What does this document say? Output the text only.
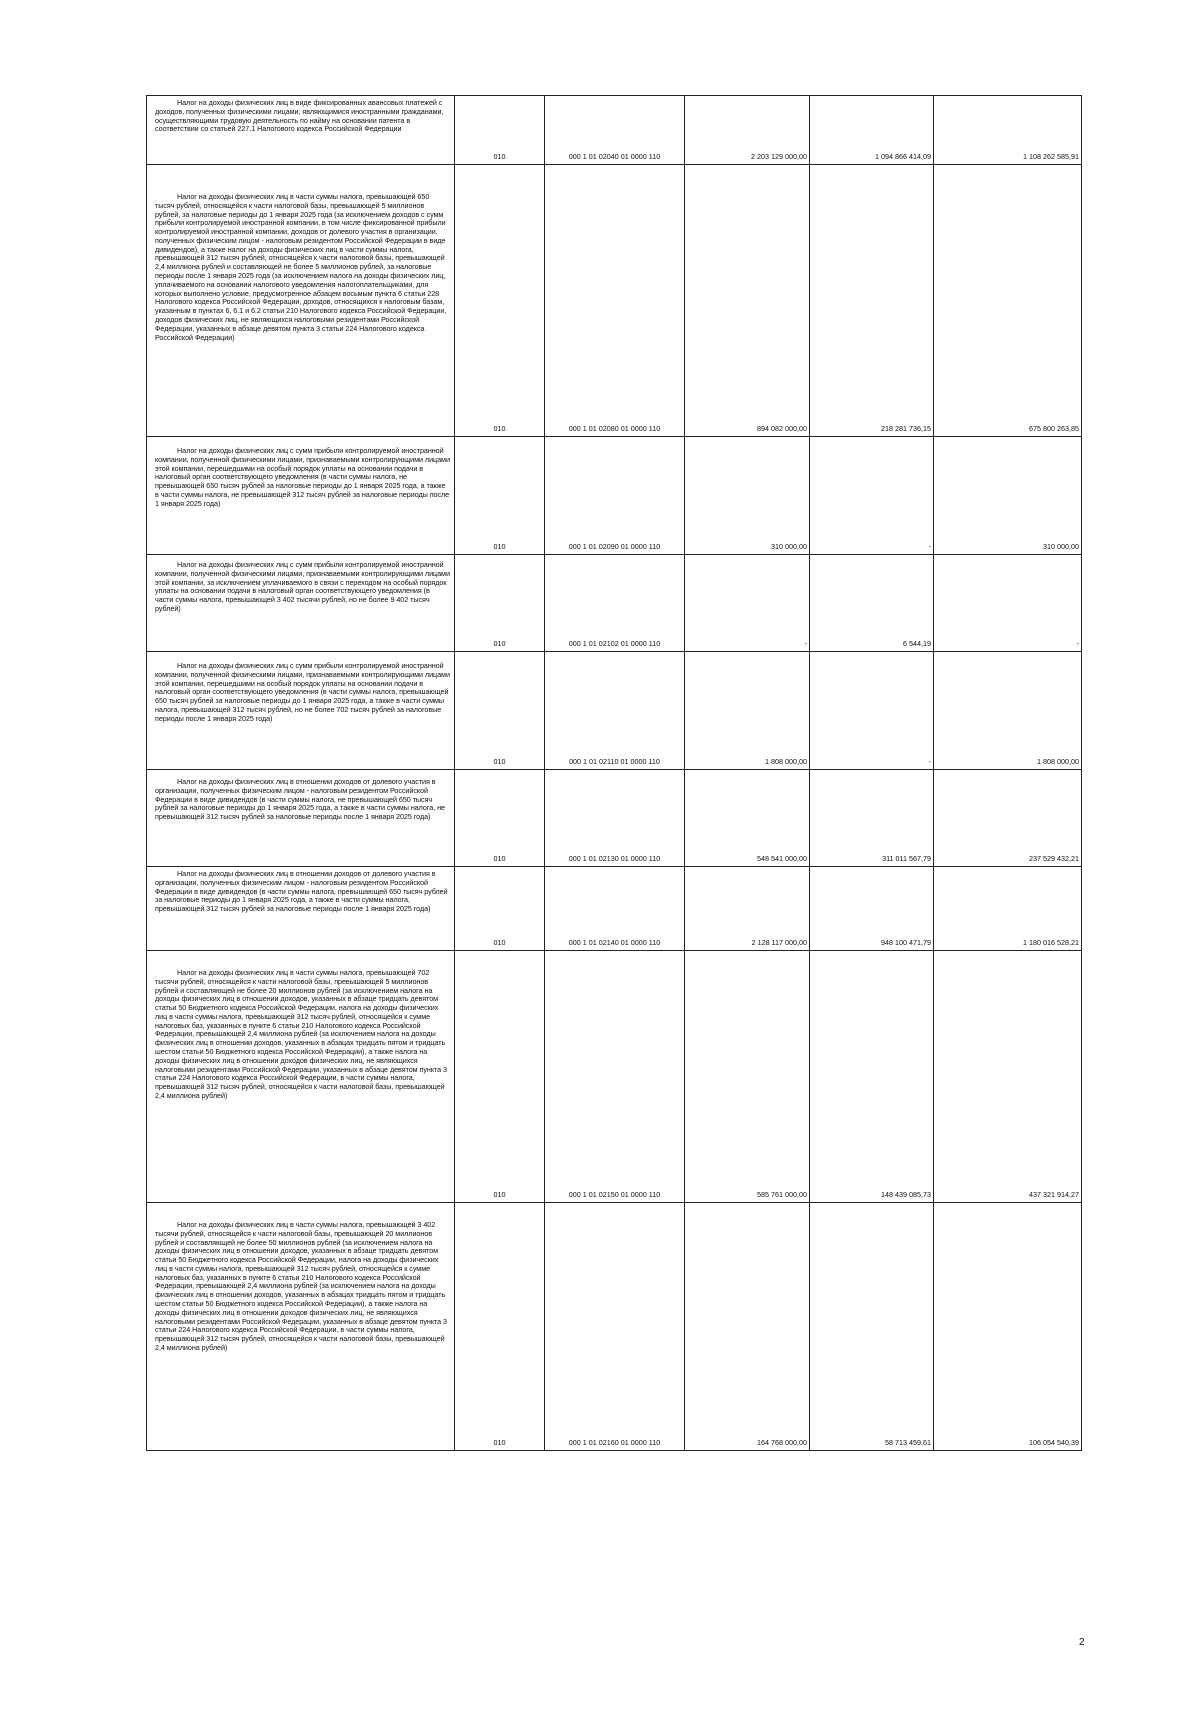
Налог на доходы физических лиц в виде фиксированных авансовых платежей с доходов, полученных физическими лицами, являющимися иностранными гражданами, осуществляющими трудовую деятельность по найму на основании патента в соответствии со статьей 227.1 Налогового кодекса Российской Федерации	010	000 1 01 02040 01 0000 110	2 203 129 000,00	1 094 866 414,09	1 108 262 585,91

Налог на доходы физических лиц в части суммы налога, превышающей 650 тысяч рублей, относящейся к части налоговой базы, превышающей 5 миллионов рублей, за налоговые периоды до 1 января 2025 года (за исключением доходов с сумм прибыли контролируемой иностранной компании, в том числе фиксированной прибыли контролируемой иностранной компании, доходов от долевого участия в организации, полученных физическим лицом - налоговым резидентом Российской Федерации в виде дивидендов), а также налог на доходы физических лиц в части суммы налога, превышающей 312 тысяч рублей, относящейся к части налоговой базы, превышающей 2,4 миллиона рублей и составляющей не более 5 миллионов рублей, за налоговые периоды после 1 января 2025 года (за исключением налога на доходы физических лиц, уплачиваемого на основании налогового уведомления налогоплательщиками, для которых выполнено условие, предусмотренное абзацем восьмым пункта 6 статьи 228 Налогового кодекса Российской Федерации, доходов, относящихся к налоговым базам, указанным в пунктах 6, 6.1 и 6.2 статьи 210 Налогового кодекса Российской Федерации, доходов физических лиц, не являющихся налоговыми резидентами Российской Федерации, указанных в абзаце девятом пункта 3 статьи 224 Налогового кодекса Российской Федерации)	010	000 1 01 02080 01 0000 110	894 082 000,00	218 281 736,15	675 800 263,85

Налог на доходы физических лиц с сумм прибыли контролируемой иностранной компании, полученной физическими лицами, признаваемыми контролирующими лицами этой компании, перешедшими на особый порядок уплаты на основании подачи в налоговый орган соответствующего уведомления (в части суммы налога, не превышающей 650 тысяч рублей за налоговые периоды до 1 января 2025 года, а также в части суммы налога, не превышающей 312 тысяч рублей за налоговые периоды после 1 января 2025 года)	010	000 1 01 02090 01 0000 110	310 000,00	-	310 000,00

Налог на доходы физических лиц с сумм прибыли контролируемой иностранной компании, полученной физическими лицами, признаваемыми контролирующими лицами этой компании, за исключением уплачиваемого в связи с переходом на особый порядок уплаты на основании подачи в налоговый орган соответствующего уведомления (в части суммы налога, превышающей 3 402 тысячи рублей, но не более 9 402 тысяч рублей)	010	000 1 01 02102 01 0000 110	-	6 544,19	-

Налог на доходы физических лиц с сумм прибыли контролируемой иностранной компании, полученной физическими лицами, признаваемыми контролирующими лицами этой компании, перешедшими на особый порядок уплаты на основании подачи в налоговый орган соответствующего уведомления (в части суммы налога, превышающей 650 тысяч рублей за налоговые периоды до 1 января 2025 года, а также в части суммы налога, превышающей 312 тысяч рублей, но не более 702 тысяч рублей за налоговые периоды после 1 января 2025 года)	010	000 1 01 02110 01 0000 110	1 808 000,00	-	1 808 000,00

Налог на доходы физических лиц в отношении доходов от долевого участия в организации, полученных физическим лицом - налоговым резидентом Российской Федерации в виде дивидендов (в части суммы налога, не превышающей 650 тысяч рублей за налоговые периоды до 1 января 2025 года, а также в части суммы налога, не превышающей 312 тысяч рублей за налоговые периоды после 1 января 2025 года)	010	000 1 01 02130 01 0000 110	548 541 000,00	311 011 567,79	237 529 432,21

Налог на доходы физических лиц в отношении доходов от долевого участия в организации, полученных физическим лицом - налоговым резидентом Российской Федерации в виде дивидендов (в части суммы налога, превышающей 650 тысяч рублей за налоговые периоды до 1 января 2025 года, а также в части суммы налога, превышающей 312 тысяч рублей за налоговые периоды после 1 января 2025 года)	010	000 1 01 02140 01 0000 110	2 128 117 000,00	948 100 471,79	1 180 016 528,21

Налог на доходы физических лиц в части суммы налога, превышающей 702 тысячи рублей, относящейся к части налоговой базы, превышающей 5 миллионов рублей и составляющей не более 20 миллионов рублей (за исключением налога на доходы физических лиц в отношении доходов, указанных в абзаце тридцать девятом статьи 50 Бюджетного кодекса Российской Федерации, налога на доходы физических лиц в части суммы налога, превышающей 312 тысяч рублей, относящейся к сумме налоговых баз, указанных в пункте 6 статьи 210 Налогового кодекса Российской Федерации, превышающей 2,4 миллиона рублей (за исключением налога на доходы физических лиц в отношении доходов, указанных в абзацах тридцать пятом и тридцать шестом статьи 50 Бюджетного кодекса Российской Федерации), а также налога на доходы физических лиц в отношении доходов физических лиц, не являющихся налоговыми резидентами Российской Федерации, указанных в абзаце девятом пункта 3 статьи 224 Налогового кодекса Российской Федерации, в части суммы налога, превышающей 312 тысяч рублей, относящейся к части налоговой базы, превышающей 2,4 миллиона рублей)	010	000 1 01 02150 01 0000 110	585 761 000,00	148 439 085,73	437 321 914,27

Налог на доходы физических лиц в части суммы налога, превышающей 3 402 тысячи рублей, относящейся к части налоговой базы, превышающей 20 миллионов рублей и составляющей не более 50 миллионов рублей (за исключением налога на доходы физических лиц в отношении доходов, указанных в абзаце тридцать девятом статьи 50 Бюджетного кодекса Российской Федерации, налога на доходы физических лиц в части суммы налога, превышающей 312 тысяч рублей, относящейся к сумме налоговых баз, указанных в пункте 6 статьи 210 Налогового кодекса Российской Федерации, превышающей 2,4 миллиона рублей (за исключением налога на доходы физических лиц в отношении доходов, указанных в абзацах тридцать пятом и тридцать шестом статьи 50 Бюджетного кодекса Российской Федерации), а также налога на доходы физических лиц в отношении доходов физических лиц, не являющихся налоговыми резидентами Российской Федерации, указанных в абзаце девятом пункта 3 статьи 224 Налогового кодекса Российской Федерации, в части суммы налога, превышающей 312 тысяч рублей, относящейся к части налоговой базы, превышающей 2,4 миллиона рублей)	010	000 1 01 02160 01 0000 110	164 768 000,00	58 713 459,61	106 054 540,39
2
